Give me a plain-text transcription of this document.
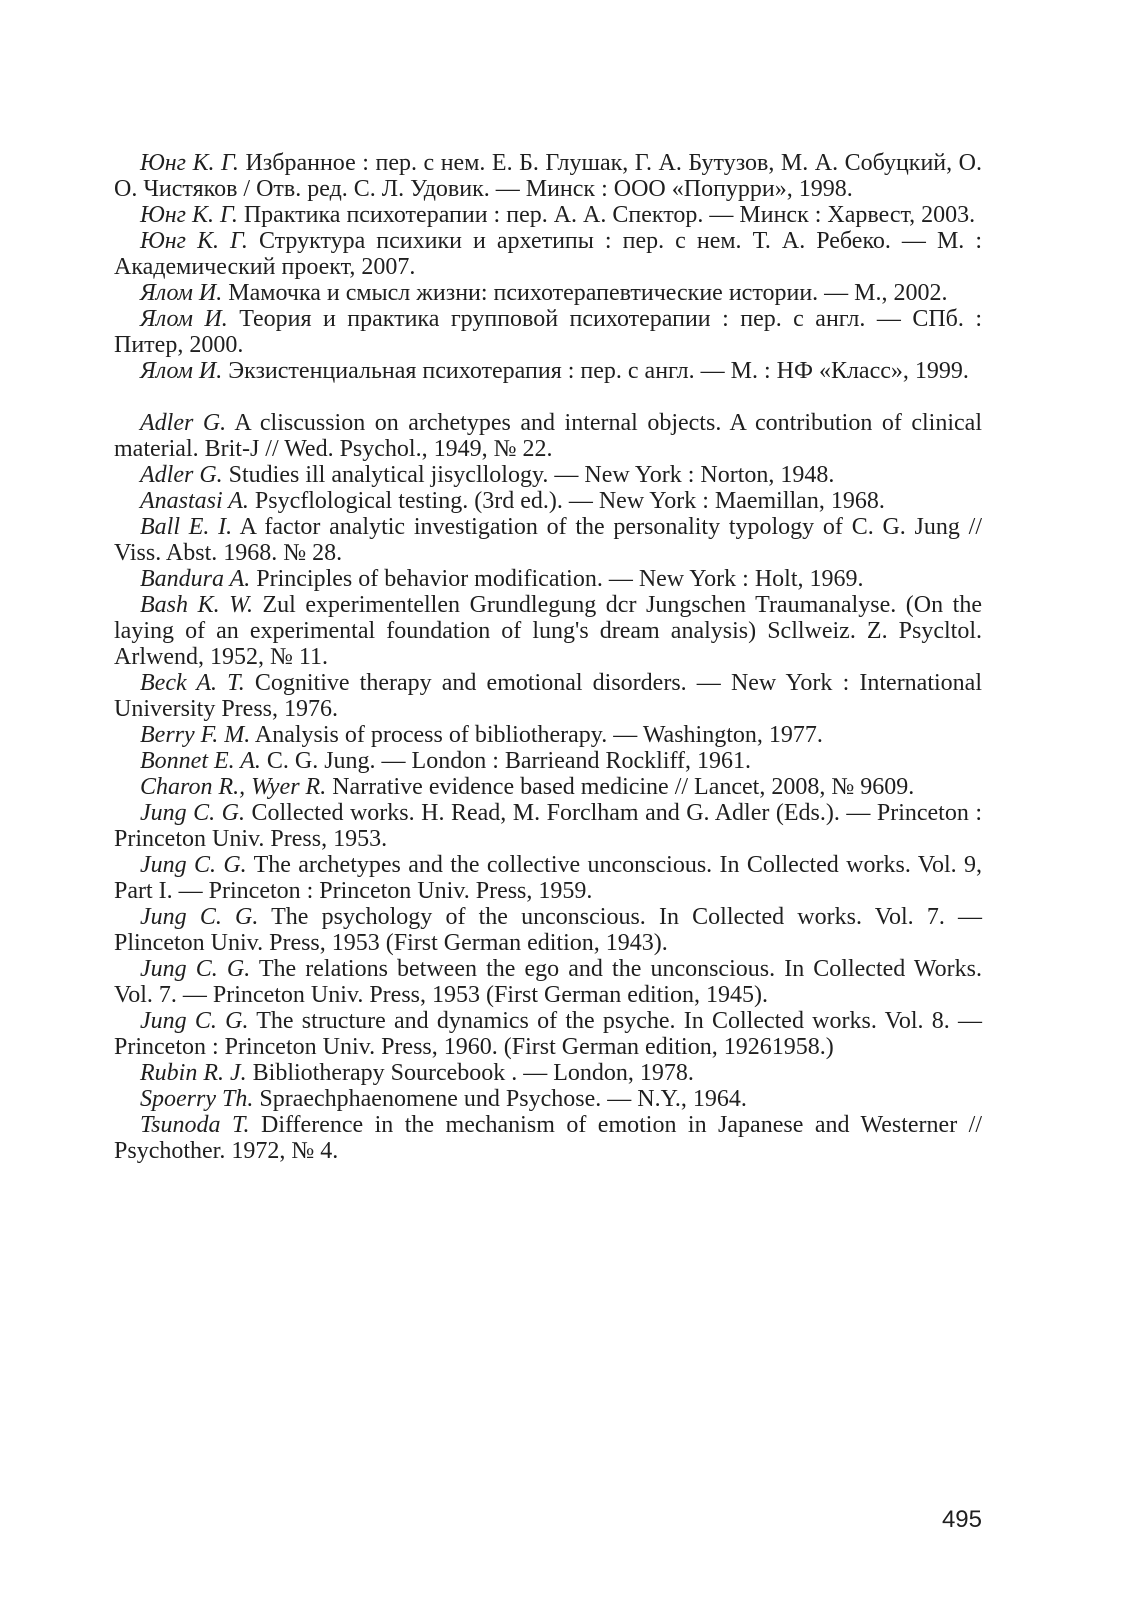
Юнг К. Г. Избранное : пер. с нем. Е. Б. Глушак, Г. А. Бутузов, М. А. Собуцкий, О. О. Чистяков / Отв. ред. С. Л. Удовик. — Минск : ООО «Попурри», 1998.

Юнг К. Г. Практика психотерапии : пер. А. А. Спектор. — Минск : Харвест, 2003.

Юнг К. Г. Структура психики и архетипы : пер. с нем. Т. А. Ребеко. — М. : Академический проект, 2007.

Ялом И. Мамочка и смысл жизни: психотерапевтические истории. — М., 2002.

Ялом И. Теория и практика групповой психотерапии : пер. с англ. — СПб. : Питер, 2000.

Ялом И. Экзистенциальная психотерапия : пер. с англ. — М. : НФ «Класс», 1999.

Adler G. A cliscussion on archetypes and internal objects. A contribution of clinical material. Brit-J // Wed. Psychol., 1949, № 22.

Adler G. Studies ill analytical jisycllology. — New York : Norton, 1948.

Anastasi A. Psycflological testing. (3rd ed.). — New York : Maemillan, 1968.

Ball E. I. A factor analytic investigation of the personality typology of C. G. Jung // Viss. Abst. 1968. № 28.

Bandura A. Principles of behavior modification. — New York : Holt, 1969.

Bash K. W. Zul experimentellen Grundlegung dcr Jungschen Traumanalyse. (On the laying of an experimental foundation of lung's dream analysis) Scllweiz. Z. Psycltol. Arlwend, 1952, № 11.

Beck A. T. Cognitive therapy and emotional disorders. — New York : International University Press, 1976.

Berry F. M. Analysis of process of bibliotherapy. — Washington, 1977.

Bonnet E. A. C. G. Jung. — London : Barrieand Rockliff, 1961.

Charon R., Wyer R. Narrative evidence based medicine // Lancet, 2008, № 9609.

Jung C. G. Collected works. H. Read, M. Forclham and G. Adler (Eds.). — Princeton : Princeton Univ. Press, 1953.

Jung C. G. The archetypes and the collective unconscious. In Collected works. Vol. 9, Part I. — Princeton : Princeton Univ. Press, 1959.

Jung C. G. The psychology of the unconscious. In Collected works. Vol. 7. — Plinceton Univ. Press, 1953 (First German edition, 1943).

Jung C. G. The relations between the ego and the unconscious. In Collected Works. Vol. 7. — Princeton Univ. Press, 1953 (First German edition, 1945).

Jung C. G. The structure and dynamics of the psyche. In Collected works. Vol. 8. — Princeton : Princeton Univ. Press, 1960. (First German edition, 19261958.)

Rubin R. J. Bibliotherapy Sourcebook . — London, 1978.

Spoerry Th. Spraechphaenomene und Psychose. — N.Y., 1964.

Tsunoda T. Difference in the mechanism of emotion in Japanese and Westerner // Psychother. 1972, № 4.

495
